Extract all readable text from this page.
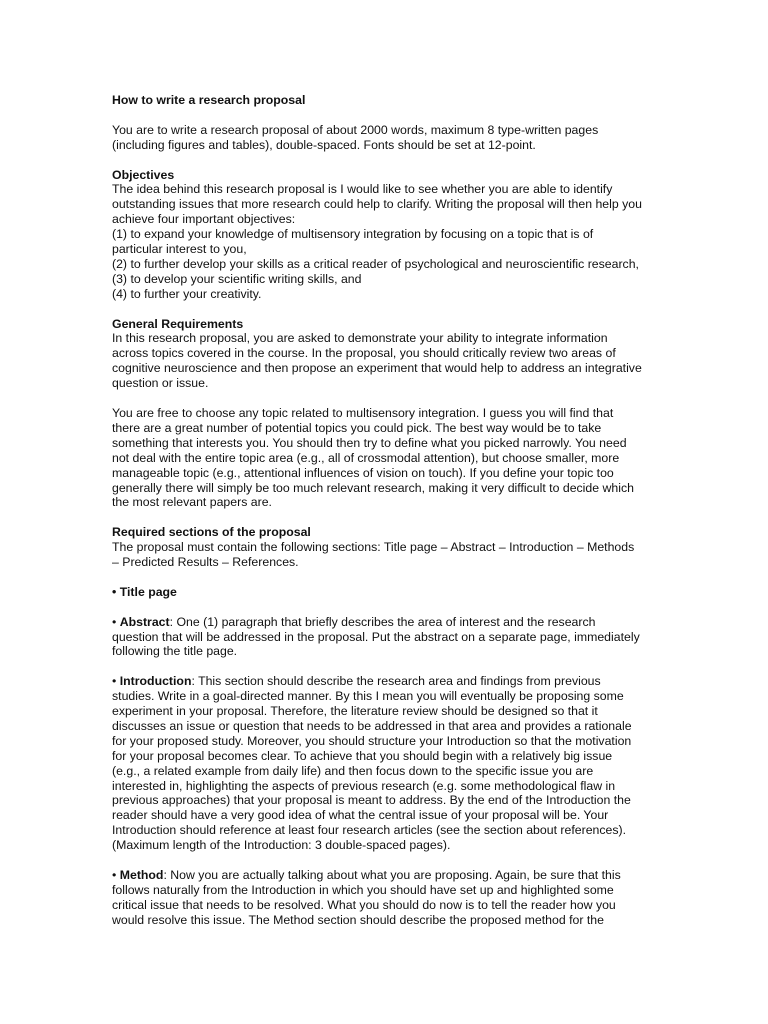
How to write a research proposal

You are to write a research proposal of about 2000 words, maximum 8 type-written pages
(including figures and tables), double-spaced. Fonts should be set at 12-point.

Objectives

The idea behind this research proposal is I would like to see whether you are able to identify
outstanding issues that more research could help to clarify. Writing the proposal will then help you
achieve four important objectives:
(1) to expand your knowledge of multisensory integration by focusing on a topic that is of
particular interest to you,
(2) to further develop your skills as a critical reader of psychological and neuroscientific research,
(3) to develop your scientific writing skills, and
(4) to further your creativity.

General Requirements

In this research proposal, you are asked to demonstrate your ability to integrate information
across topics covered in the course. In the proposal, you should critically review two areas of
cognitive neuroscience and then propose an experiment that would help to address an integrative
question or issue.

You are free to choose any topic related to multisensory integration. I guess you will find that
there are a great number of potential topics you could pick. The best way would be to take
something that interests you. You should then try to define what you picked narrowly. You need
not deal with the entire topic area (e.g., all of crossmodal attention), but choose smaller, more
manageable topic (e.g., attentional influences of vision on touch). If you define your topic too
generally there will simply be too much relevant research, making it very difficult to decide which
the most relevant papers are.

Required sections of the proposal

The proposal must contain the following sections: Title page – Abstract – Introduction – Methods
– Predicted Results – References.

• Title page

• Abstract: One (1) paragraph that briefly describes the area of interest and the research
question that will be addressed in the proposal. Put the abstract on a separate page, immediately
following the title page.

• Introduction: This section should describe the research area and findings from previous
studies. Write in a goal-directed manner. By this I mean you will eventually be proposing some
experiment in your proposal. Therefore, the literature review should be designed so that it
discusses an issue or question that needs to be addressed in that area and provides a rationale
for your proposed study. Moreover, you should structure your Introduction so that the motivation
for your proposal becomes clear. To achieve that you should begin with a relatively big issue
(e.g., a related example from daily life) and then focus down to the specific issue you are
interested in, highlighting the aspects of previous research (e.g. some methodological flaw in
previous approaches) that your proposal is meant to address. By the end of the Introduction the
reader should have a very good idea of what the central issue of your proposal will be. Your
Introduction should reference at least four research articles (see the section about references).
(Maximum length of the Introduction: 3 double-spaced pages).

• Method: Now you are actually talking about what you are proposing. Again, be sure that this
follows naturally from the Introduction in which you should have set up and highlighted some
critical issue that needs to be resolved. What you should do now is to tell the reader how you
would resolve this issue. The Method section should describe the proposed method for the
